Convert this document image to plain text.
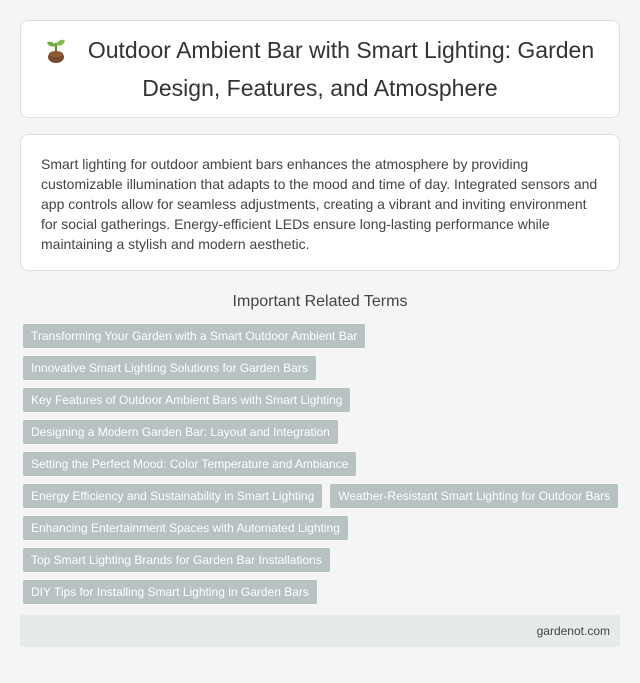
Outdoor Ambient Bar with Smart Lighting: Garden Design, Features, and Atmosphere

Smart lighting for outdoor ambient bars enhances the atmosphere by providing customizable illumination that adapts to the mood and time of day. Integrated sensors and app controls allow for seamless adjustments, creating a vibrant and inviting environment for social gatherings. Energy-efficient LEDs ensure long-lasting performance while maintaining a stylish and modern aesthetic.

Important Related Terms
Transforming Your Garden with a Smart Outdoor Ambient Bar
Innovative Smart Lighting Solutions for Garden Bars
Key Features of Outdoor Ambient Bars with Smart Lighting
Designing a Modern Garden Bar: Layout and Integration
Setting the Perfect Mood: Color Temperature and Ambiance
Energy Efficiency and Sustainability in Smart Lighting	Weather-Resistant Smart Lighting for Outdoor Bars
Enhancing Entertainment Spaces with Automated Lighting
Top Smart Lighting Brands for Garden Bar Installations
DIY Tips for Installing Smart Lighting in Garden Bars
gardenot.com
